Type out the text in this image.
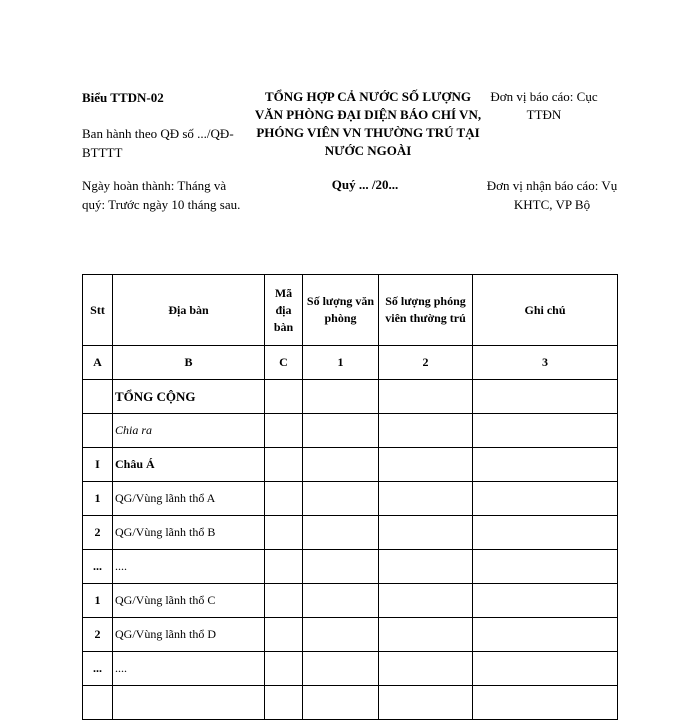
Biểu TTDN-02
Ban hành theo QĐ số .../QĐ-BTTTT
TỔNG HỢP CẢ NƯỚC SỐ LƯỢNG VĂN PHÒNG ĐẠI DIỆN BÁO CHÍ VN, PHÓNG VIÊN VN THƯỜNG TRÚ TẠI NƯỚC NGOÀI
Đơn vị báo cáo: Cục TTĐN
Ngày hoàn thành: Tháng và quý: Trước ngày 10 tháng sau.
Quý ... /20...	Đơn vị nhận báo cáo: Vụ KHTC, VP Bộ
Stt	Địa bàn	Mã địa bàn	Số lượng văn phòng	Số lượng phóng viên thường trú	Ghi chú
A	B	C	1	2	3
	TỔNG CỘNG				
	Chia ra				
I	Châu Á				
1	QG/Vùng lãnh thổ A				
2	QG/Vùng lãnh thổ B				
...	....				
1	QG/Vùng lãnh thổ C				
2	QG/Vùng lãnh thổ D				
...	....				
